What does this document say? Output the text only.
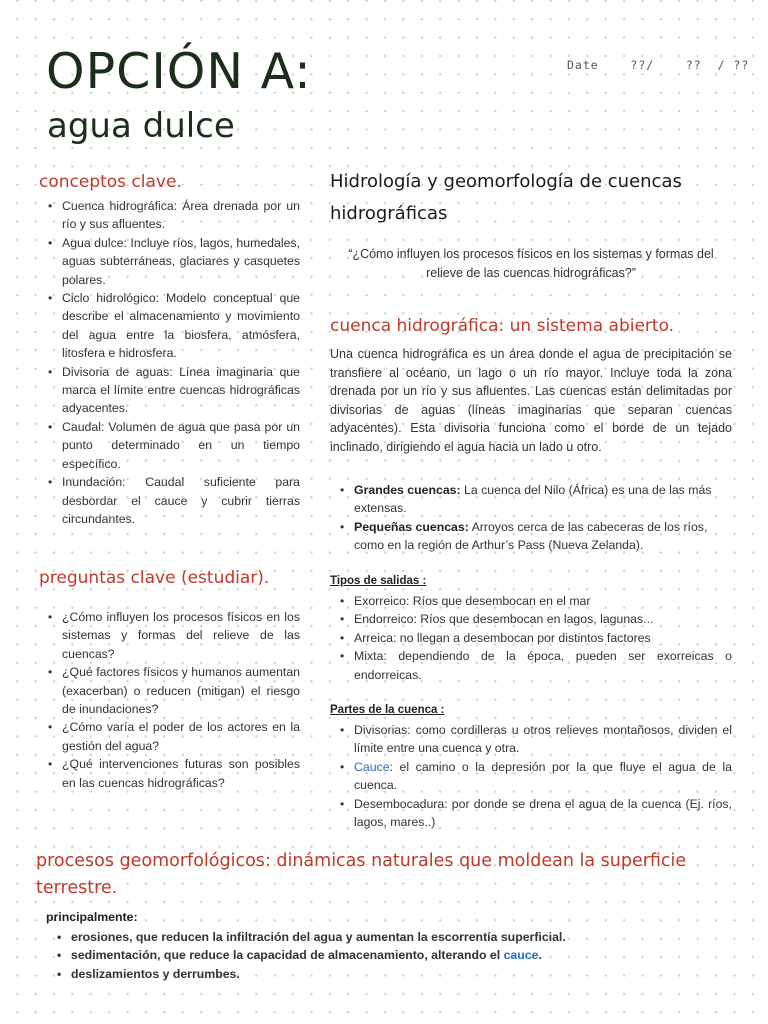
OPCIÓN A:
agua dulce
Date	??/    ??  / ??
conceptos clave.
• Cuenca hidrográfica: Área drenada por un río y sus afluentes.
• Agua dulce: Incluye ríos, lagos, humedales, aguas subterráneas, glaciares y casquetes polares.
• Ciclo hidrológico: Modelo conceptual que describe el almacenamiento y movimiento del agua entre la biosfera, atmósfera, litosfera e hidrosfera.
• Divisoria de aguas: Línea imaginaria que marca el límite entre cuencas hidrográficas adyacentes.
• Caudal: Volumen de agua que pasa por un punto determinado en un tiempo específico.
• Inundación: Caudal suficiente para desbordar el cauce y cubrir tierras circundantes.
preguntas clave (estudiar).
• ¿Cómo influyen los procesos físicos en los sistemas y formas del relieve de las cuencas?
• ¿Qué factores físicos y humanos aumentan (exacerban) o reducen (mitigan) el riesgo de inundaciones?
• ¿Cómo varía el poder de los actores en la gestión del agua?
• ¿Qué intervenciones futuras son posibles en las cuencas hidrográficas?
Hidrología y geomorfología de cuencas hidrográficas
“¿Cómo influyen los procesos físicos en los sistemas y formas del relieve de las cuencas hidrográficas?”
cuenca hidrográfica: un sistema abierto.
Una cuenca hidrográfica es un área donde el agua de precipitación se transfiere al océano, un lago o un río mayor. Incluye toda la zona drenada por un río y sus afluentes. Las cuencas están delimitadas por divisorias de aguas (líneas imaginarias que separan cuencas adyacentes). Esta divisoria funciona como el borde de un tejado inclinado, dirigiendo el agua hacia un lado u otro.
• Grandes cuencas: La cuenca del Nilo (África) es una de las más extensas.
• Pequeñas cuencas: Arroyos cerca de las cabeceras de los ríos, como en la región de Arthur’s Pass (Nueva Zelanda).
Tipos de salidas :
• Exorreico: Ríos que desembocan en el mar
• Endorreico: Ríos que desembocan en lagos, lagunas...
• Arreica: no llegan a desembocan por distintos factores
• Mixta: dependiendo de la época, pueden ser exorreicas o endorreicas.
Partes de la cuenca :
• Divisorias: como cordilleras u otros relieves montañosos, dividen el límite entre una cuenca y otra.
• Cauce: el camino o la depresión por la que fluye el agua de la cuenca.
• Desembocadura: por donde se drena el agua de la cuenca (Ej. ríos, lagos, mares..)
procesos geomorfológicos: dinámicas naturales que moldean la superficie terrestre.
principalmente:
• erosiones, que reducen la infiltración del agua y aumentan la escorrentía superficial.
• sedimentación, que reduce la capacidad de almacenamiento, alterando el cauce.
• deslizamientos y derrumbes.
